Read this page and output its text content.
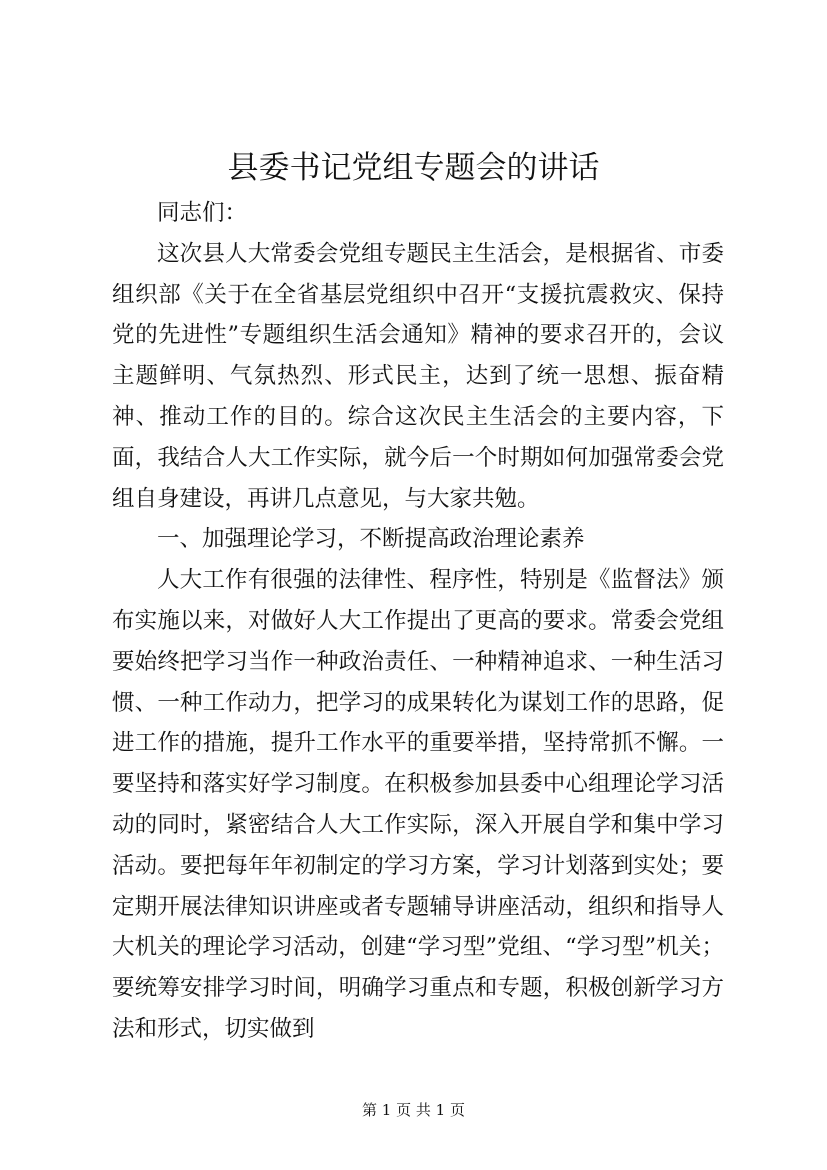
县委书记党组专题会的讲话

同志们：

这次县人大常委会党组专题民主生活会，是根据省、市委组织部《关于在全省基层党组织中召开“支援抗震救灾、保持党的先进性”专题组织生活会通知》精神的要求召开的，会议主题鲜明、气氛热烈、形式民主，达到了统一思想、振奋精神、推动工作的目的。综合这次民主生活会的主要内容，下面，我结合人大工作实际，就今后一个时期如何加强常委会党组自身建设，再讲几点意见，与大家共勉。

一、加强理论学习，不断提高政治理论素养

人大工作有很强的法律性、程序性，特别是《监督法》颁布实施以来，对做好人大工作提出了更高的要求。常委会党组要始终把学习当作一种政治责任、一种精神追求、一种生活习惯、一种工作动力，把学习的成果转化为谋划工作的思路，促进工作的措施，提升工作水平的重要举措，坚持常抓不懈。一要坚持和落实好学习制度。在积极参加县委中心组理论学习活动的同时，紧密结合人大工作实际，深入开展自学和集中学习活动。要把每年年初制定的学习方案，学习计划落到实处；要定期开展法律知识讲座或者专题辅导讲座活动，组织和指导人大机关的理论学习活动，创建“学习型”党组、“学习型”机关；要统筹安排学习时间，明确学习重点和专题，积极创新学习方法和形式，切实做到

第 1 页 共 1 页
